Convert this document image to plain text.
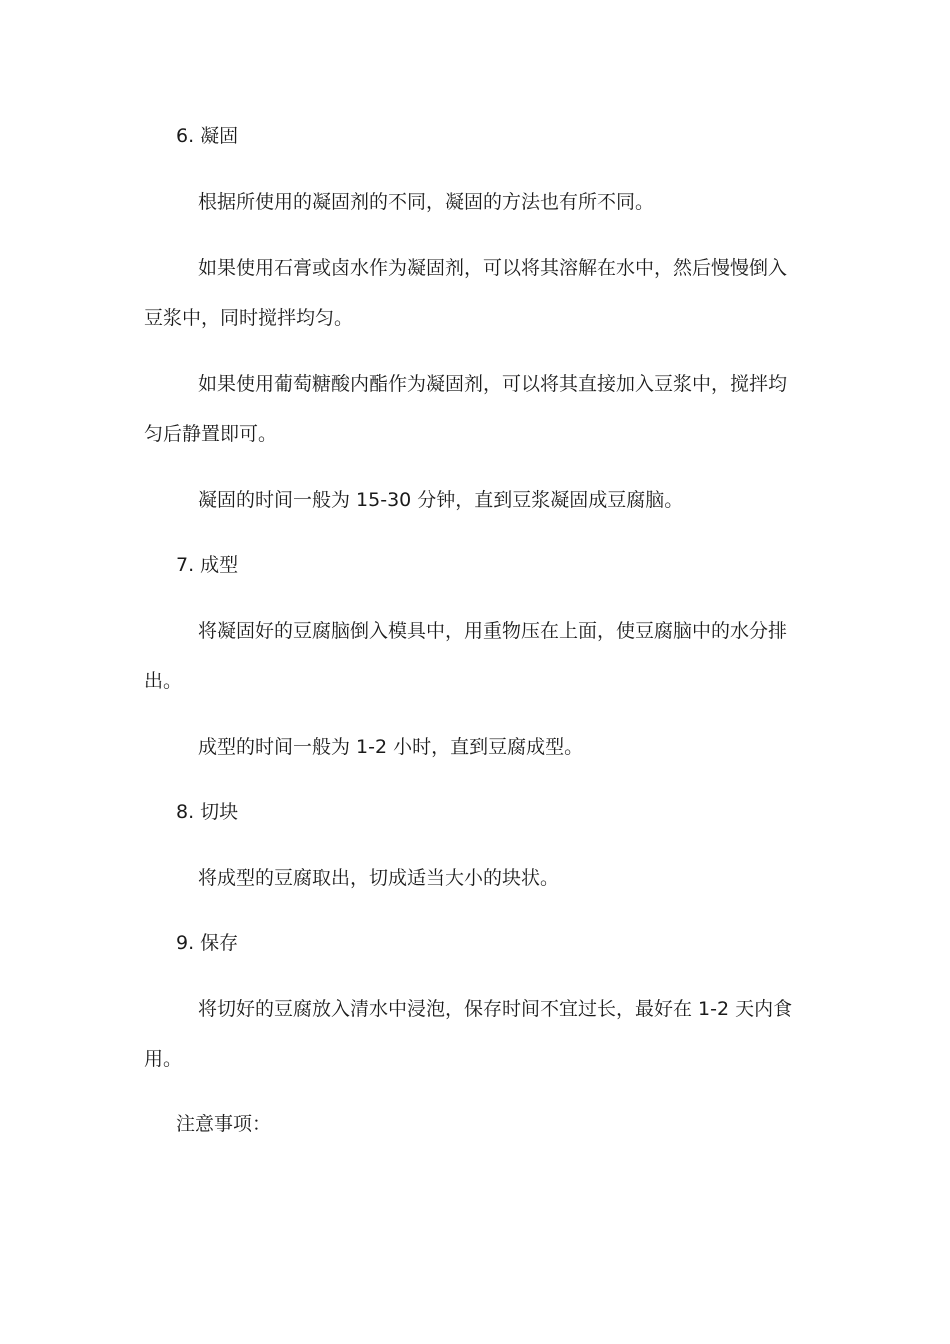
6. 凝固

根据所使用的凝固剂的不同，凝固的方法也有所不同。

如果使用石膏或卤水作为凝固剂，可以将其溶解在水中，然后慢慢倒入

豆浆中，同时搅拌均匀。

如果使用葡萄糖酸内酯作为凝固剂，可以将其直接加入豆浆中，搅拌均

匀后静置即可。

凝固的时间一般为 15-30 分钟，直到豆浆凝固成豆腐脑。

7. 成型

将凝固好的豆腐脑倒入模具中，用重物压在上面，使豆腐脑中的水分排

出。

成型的时间一般为 1-2 小时，直到豆腐成型。

8. 切块

将成型的豆腐取出，切成适当大小的块状。

9. 保存

将切好的豆腐放入清水中浸泡，保存时间不宜过长，最好在 1-2 天内食

用。

注意事项：
